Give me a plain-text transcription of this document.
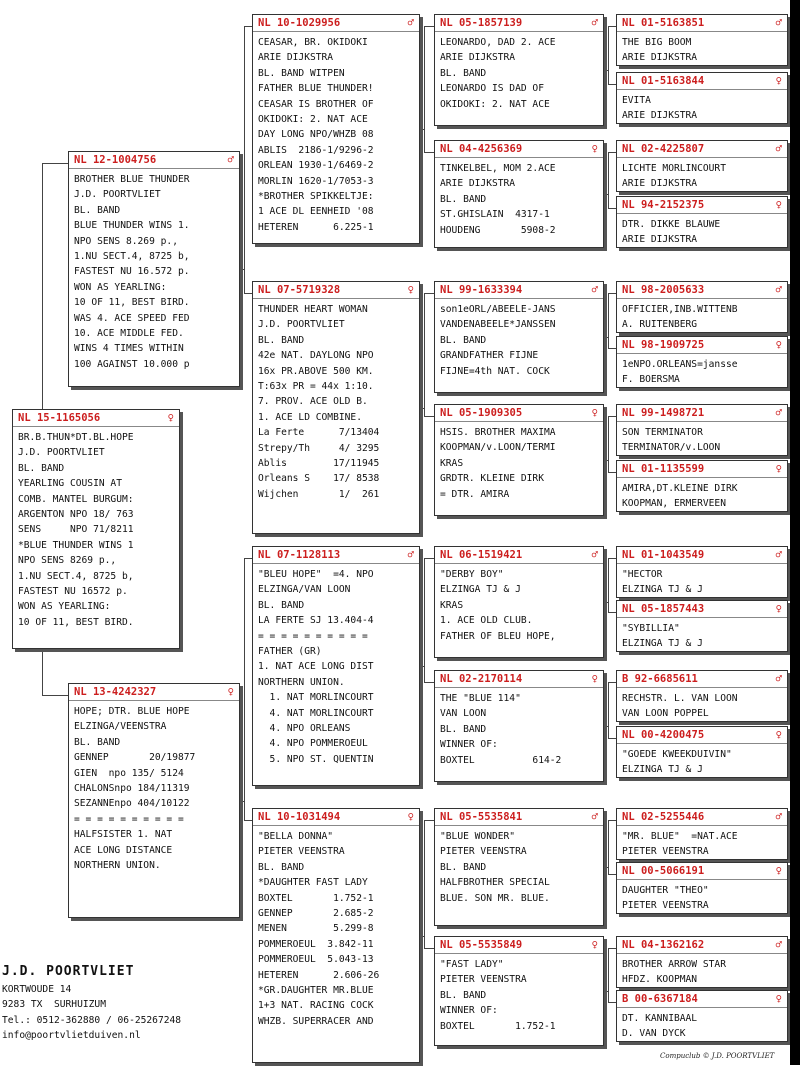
NL 15-1165056	♀
BR.B.THUN*DT.BL.HOPE
J.D. POORTVLIET
BL. BAND
YEARLING COUSIN AT
COMB. MANTEL BURGUM:
ARGENTON NPO 18/ 763
SENS     NPO 71/8211
*BLUE THUNDER WINS 1
NPO SENS 8269 p.,
1.NU SECT.4, 8725 b,
FASTEST NU 16572 p.
WON AS YEARLING:
10 OF 11, BEST BIRD.
NL 12-1004756	♂
BROTHER BLUE THUNDER
J.D. POORTVLIET
BL. BAND
BLUE THUNDER WINS 1.
NPO SENS 8.269 p.,
1.NU SECT.4, 8725 b,
FASTEST NU 16.572 p.
WON AS YEARLING:
10 OF 11, BEST BIRD.
WAS 4. ACE SPEED FED
10. ACE MIDDLE FED.
WINS 4 TIMES WITHIN
100 AGAINST 10.000 p
NL 13-4242327	♀
HOPE; DTR. BLUE HOPE
ELZINGA/VEENSTRA
BL. BAND
GENNEP       20/19877
GIEN  npo 135/ 5124
CHALONSnpo 184/11319
SEZANNEnpo 404/10122
= = = = = = = = = =
HALFSISTER 1. NAT
ACE LONG DISTANCE
NORTHERN UNION.
NL 10-1029956	♂
CEASAR, BR. OKIDOKI
ARIE DIJKSTRA
BL. BAND WITPEN
FATHER BLUE THUNDER!
CEASAR IS BROTHER OF
OKIDOKI: 2. NAT ACE
DAY LONG NPO/WHZB 08
ABLIS  2186-1/9296-2
ORLEAN 1930-1/6469-2
MORLIN 1620-1/7053-3
*BROTHER SPIKKELTJE:
1 ACE DL EENHEID '08
HETEREN      6.225-1
NL 07-5719328	♀
THUNDER HEART WOMAN
J.D. POORTVLIET
BL. BAND
42e NAT. DAYLONG NPO
16x PR.ABOVE 500 KM.
T:63x PR = 44x 1:10.
7. PROV. ACE OLD B.
1. ACE LD COMBINE.
La Ferte      7/13404
Strepy/Th     4/ 3295
Ablis        17/11945
Orleans S    17/ 8538
Wijchen       1/  261
NL 07-1128113	♂
"BLEU HOPE"  =4. NPO
ELZINGA/VAN LOON
BL. BAND
LA FERTE SJ 13.404-4
= = = = = = = = = =
FATHER (GR)
1. NAT ACE LONG DIST
NORTHERN UNION.
1. NAT MORLINCOURT
4. NAT MORLINCOURT
4. NPO ORLEANS
4. NPO POMMEROEUL
5. NPO ST. QUENTIN
NL 10-1031494	♀
"BELLA DONNA"
PIETER VEENSTRA
BL. BAND
*DAUGHTER FAST LADY
BOXTEL       1.752-1
GENNEP       2.685-2
MENEN        5.299-8
POMMEROEUL  3.842-11
POMMEROEUL  5.043-13
HETEREN      2.606-26
*GR.DAUGHTER MR.BLUE
1+3 NAT. RACING COCK
WHZB. SUPERRACER AND
NL 05-1857139	♂
LEONARDO, DAD 2. ACE
ARIE DIJKSTRA
BL. BAND
LEONARDO IS DAD OF
OKIDOKI: 2. NAT ACE
NL 04-4256369	♀
TINKELBEL, MOM 2.ACE
ARIE DIJKSTRA
BL. BAND
ST.GHISLAIN  4317-1
HOUDENG       5908-2
NL 99-1633394	♂
son1eORL/ABEELE-JANS
VANDENABEELE*JANSSEN
BL. BAND
GRANDFATHER FIJNE
FIJNE=4th NAT. COCK
NL 05-1909305	♀
HSIS. BROTHER MAXIMA
KOOPMAN/v.LOON/TERMI
KRAS
GRDTR. KLEINE DIRK
= DTR. AMIRA
NL 06-1519421	♂
"DERBY BOY"
ELZINGA TJ & J
KRAS
1. ACE OLD CLUB.
FATHER OF BLEU HOPE,
NL 02-2170114	♀
THE "BLUE 114"
VAN LOON
BL. BAND
WINNER OF:
BOXTEL          614-2
NL 05-5535841	♂
"BLUE WONDER"
PIETER VEENSTRA
BL. BAND
HALFBROTHER SPECIAL
BLUE. SON MR. BLUE.
NL 05-5535849	♀
"FAST LADY"
PIETER VEENSTRA
BL. BAND
WINNER OF:
BOXTEL       1.752-1
NL 01-5163851	♂
THE BIG BOOM
ARIE DIJKSTRA
NL 01-5163844	♀
EVITA
ARIE DIJKSTRA
NL 02-4225807	♂
LICHTE MORLINCOURT
ARIE DIJKSTRA
NL 94-2152375	♀
DTR. DIKKE BLAUWE
ARIE DIJKSTRA
NL 98-2005633	♂
OFFICIER,INB.WITTENB
A. RUITENBERG
NL 98-1909725	♀
1eNPO.ORLEANS=jansse
F. BOERSMA
NL 99-1498721	♂
SON TERMINATOR
TERMINATOR/v.LOON
NL 01-1135599	♀
AMIRA,DT.KLEINE DIRK
KOOPMAN, ERMERVEEN
NL 01-1043549	♂
"HECTOR
ELZINGA TJ & J
NL 05-1857443	♀
"SYBILLIA"
ELZINGA TJ & J
B 92-6685611	♂
RECHSTR. L. VAN LOON
VAN LOON POPPEL
NL 00-4200475	♀
"GOEDE KWEEKDUIVIN"
ELZINGA TJ & J
NL 02-5255446	♂
"MR. BLUE"  =NAT.ACE
PIETER VEENSTRA
NL 00-5066191	♀
DAUGHTER "THEO"
PIETER VEENSTRA
NL 04-1362162	♂
BROTHER ARROW STAR
HFDZ. KOOPMAN
B 00-6367184	♀
DT. KANNIBAAL
D. VAN DYCK
J.D. POORTVLIET
KORTWOUDE 14
9283 TX  SURHUIZUM
Tel.: 0512-362880 / 06-25267248
info@poortvlietduiven.nl
Compuclub © J.D. POORTVLIET
